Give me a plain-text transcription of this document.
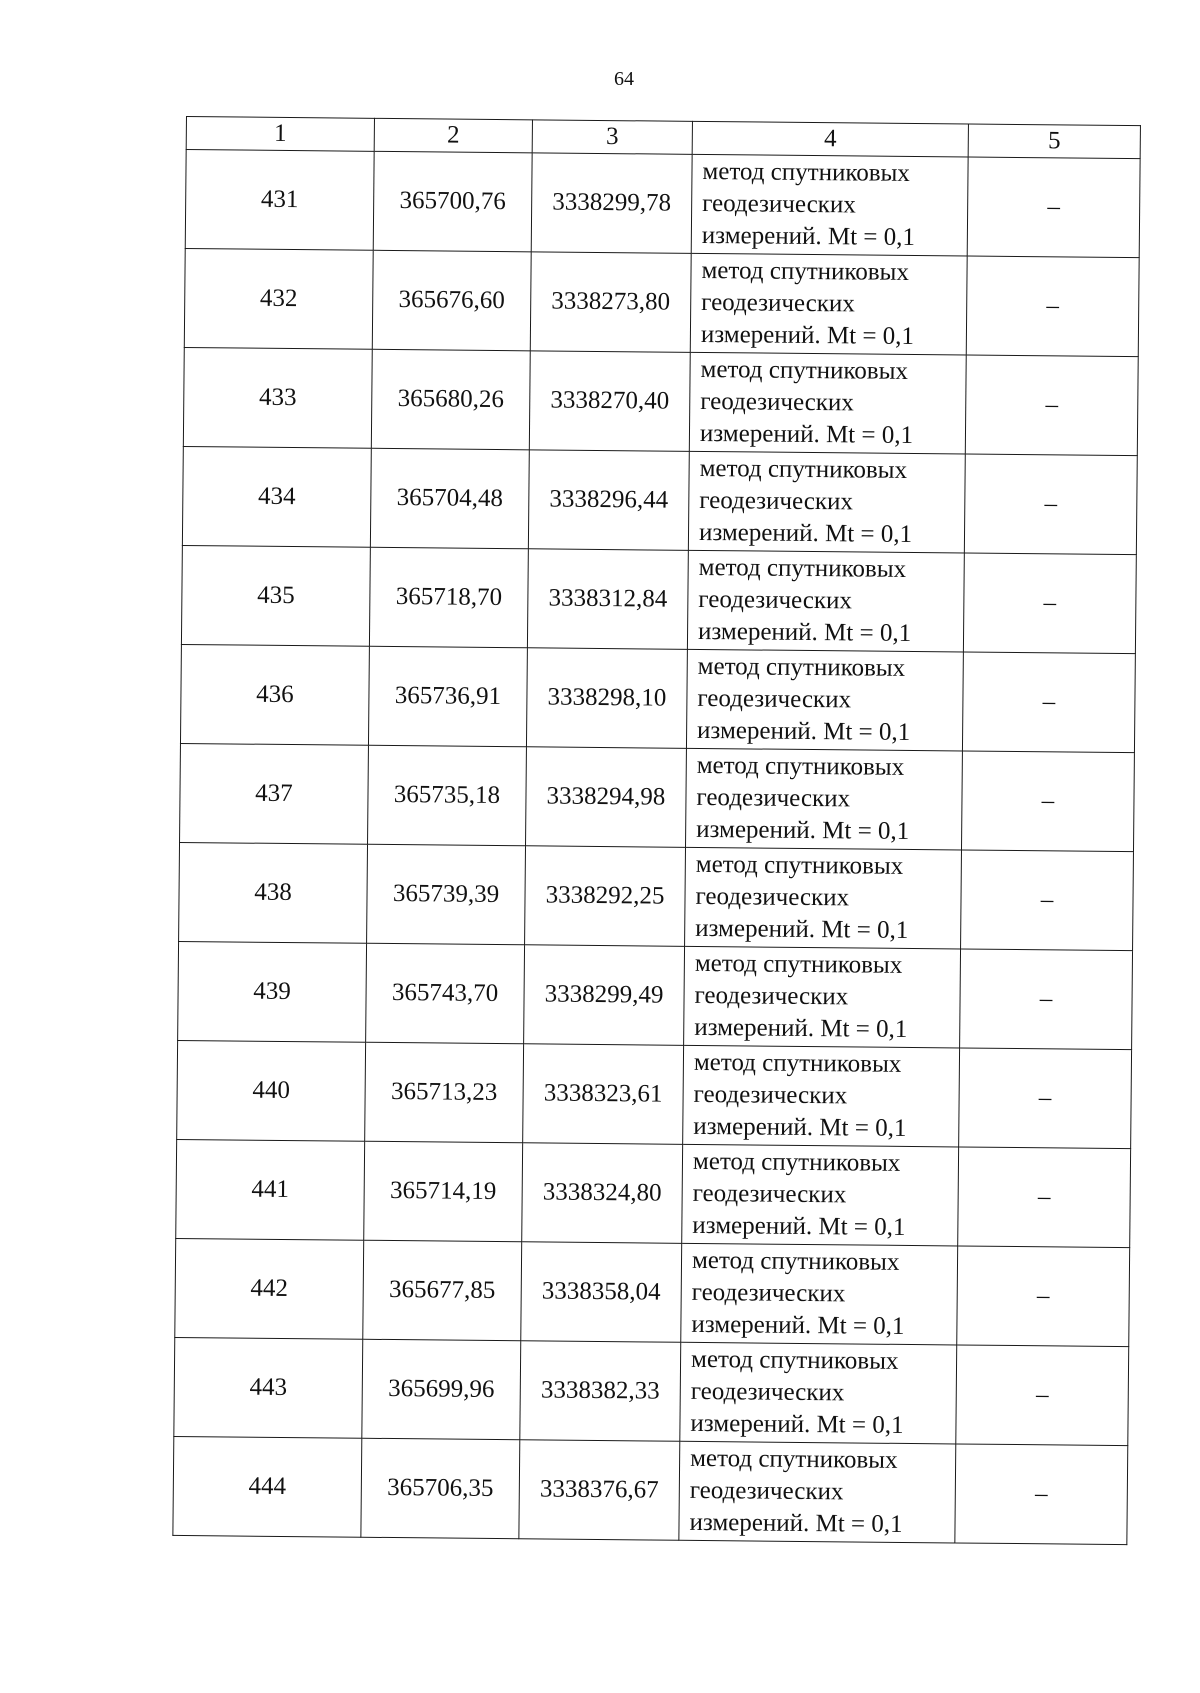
64
1	2	3	4	5
431	365700,76	3338299,78	метод спутниковых
геодезических
измерений. Mt = 0,1	–
432	365676,60	3338273,80	метод спутниковых
геодезических
измерений. Mt = 0,1	–
433	365680,26	3338270,40	метод спутниковых
геодезических
измерений. Mt = 0,1	–
434	365704,48	3338296,44	метод спутниковых
геодезических
измерений. Mt = 0,1	–
435	365718,70	3338312,84	метод спутниковых
геодезических
измерений. Mt = 0,1	–
436	365736,91	3338298,10	метод спутниковых
геодезических
измерений. Mt = 0,1	–
437	365735,18	3338294,98	метод спутниковых
геодезических
измерений. Mt = 0,1	–
438	365739,39	3338292,25	метод спутниковых
геодезических
измерений. Mt = 0,1	–
439	365743,70	3338299,49	метод спутниковых
геодезических
измерений. Mt = 0,1	–
440	365713,23	3338323,61	метод спутниковых
геодезических
измерений. Mt = 0,1	–
441	365714,19	3338324,80	метод спутниковых
геодезических
измерений. Mt = 0,1	–
442	365677,85	3338358,04	метод спутниковых
геодезических
измерений. Mt = 0,1	–
443	365699,96	3338382,33	метод спутниковых
геодезических
измерений. Mt = 0,1	–
444	365706,35	3338376,67	метод спутниковых
геодезических
измерений. Mt = 0,1	–
